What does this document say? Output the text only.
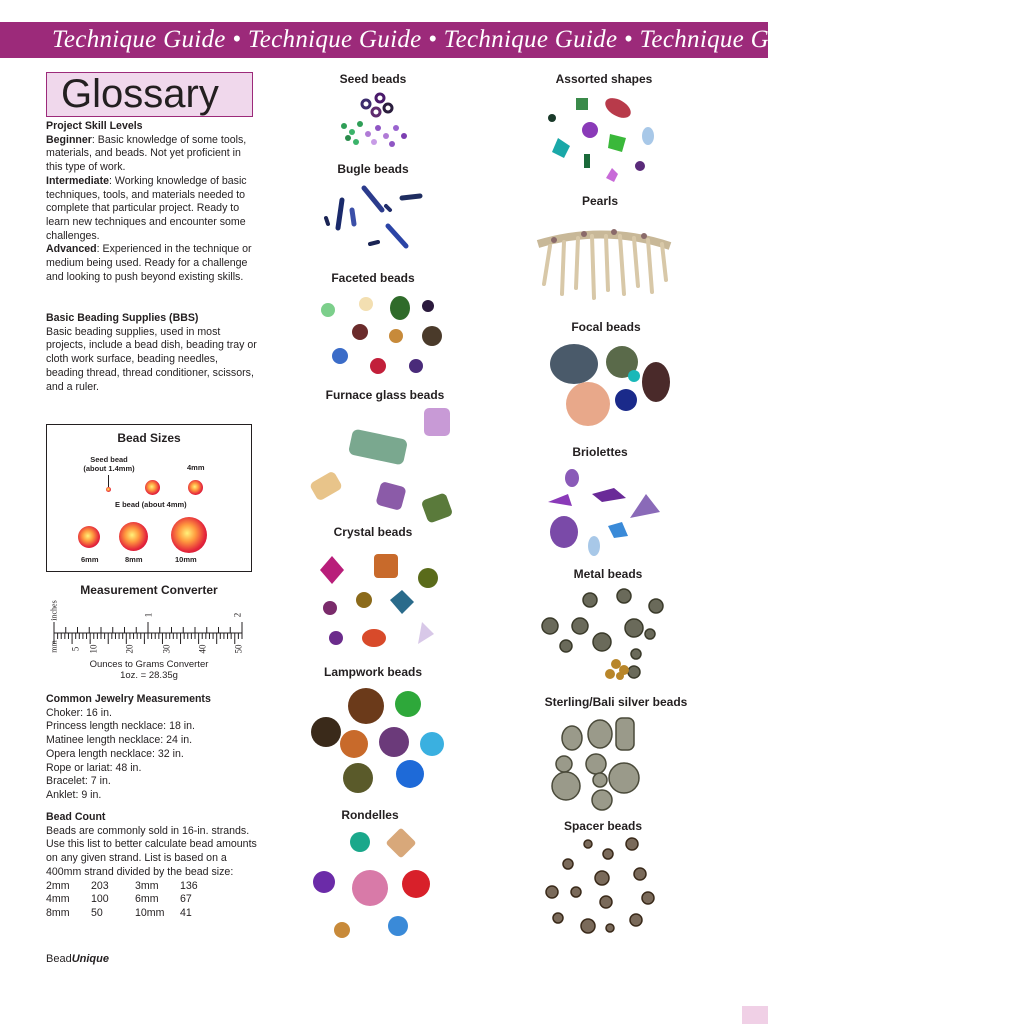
Technique Guide • Technique Guide • Technique Guide • Technique Guide • Technique Guide
Glossary
Project Skill Levels
Beginner: Basic knowledge of some tools, materials, and beads. Not yet proficient in this type of work.
Intermediate: Working knowledge of basic techniques, tools, and materials needed to complete that particular project. Ready to learn new techniques and encounter some challenges.
Advanced: Experienced in the technique or medium being used. Ready for a challenge and looking to push beyond existing skills.
Basic Beading Supplies (BBS)
Basic beading supplies, used in most projects, include a bead dish, beading tray or cloth work surface, beading needles, beading thread, thread conditioner, scissors, and a ruler.
Bead Sizes
Seed bead
(about 1.4mm)	4mm
E bead (about 4mm)
6mm	8mm	10mm
Measurement Converter
inches
mm
1	2
5 10	20	30	40	50
Ounces to Grams Converter
1oz. = 28.35g
Common Jewelry Measurements
Choker: 16 in.
Princess length necklace: 18 in.
Matinee length necklace: 24 in.
Opera length necklace: 32 in.
Rope or lariat: 48 in.
Bracelet: 7 in.
Anklet: 9 in.
Bead Count
Beads are commonly sold in 16-in. strands. Use this list to better calculate bead amounts on any given strand. List is based on a 400mm strand divided by the bead size:
2mm	203	3mm	136
4mm	100	6mm	67
8mm	50	10mm	41
BeadUnique
Seed beads
Bugle beads
Faceted beads
Furnace glass beads
Crystal beads
Lampwork beads
Rondelles
Assorted shapes
Pearls
Focal beads
Briolettes
Metal beads
Sterling/Bali silver beads
Spacer beads
